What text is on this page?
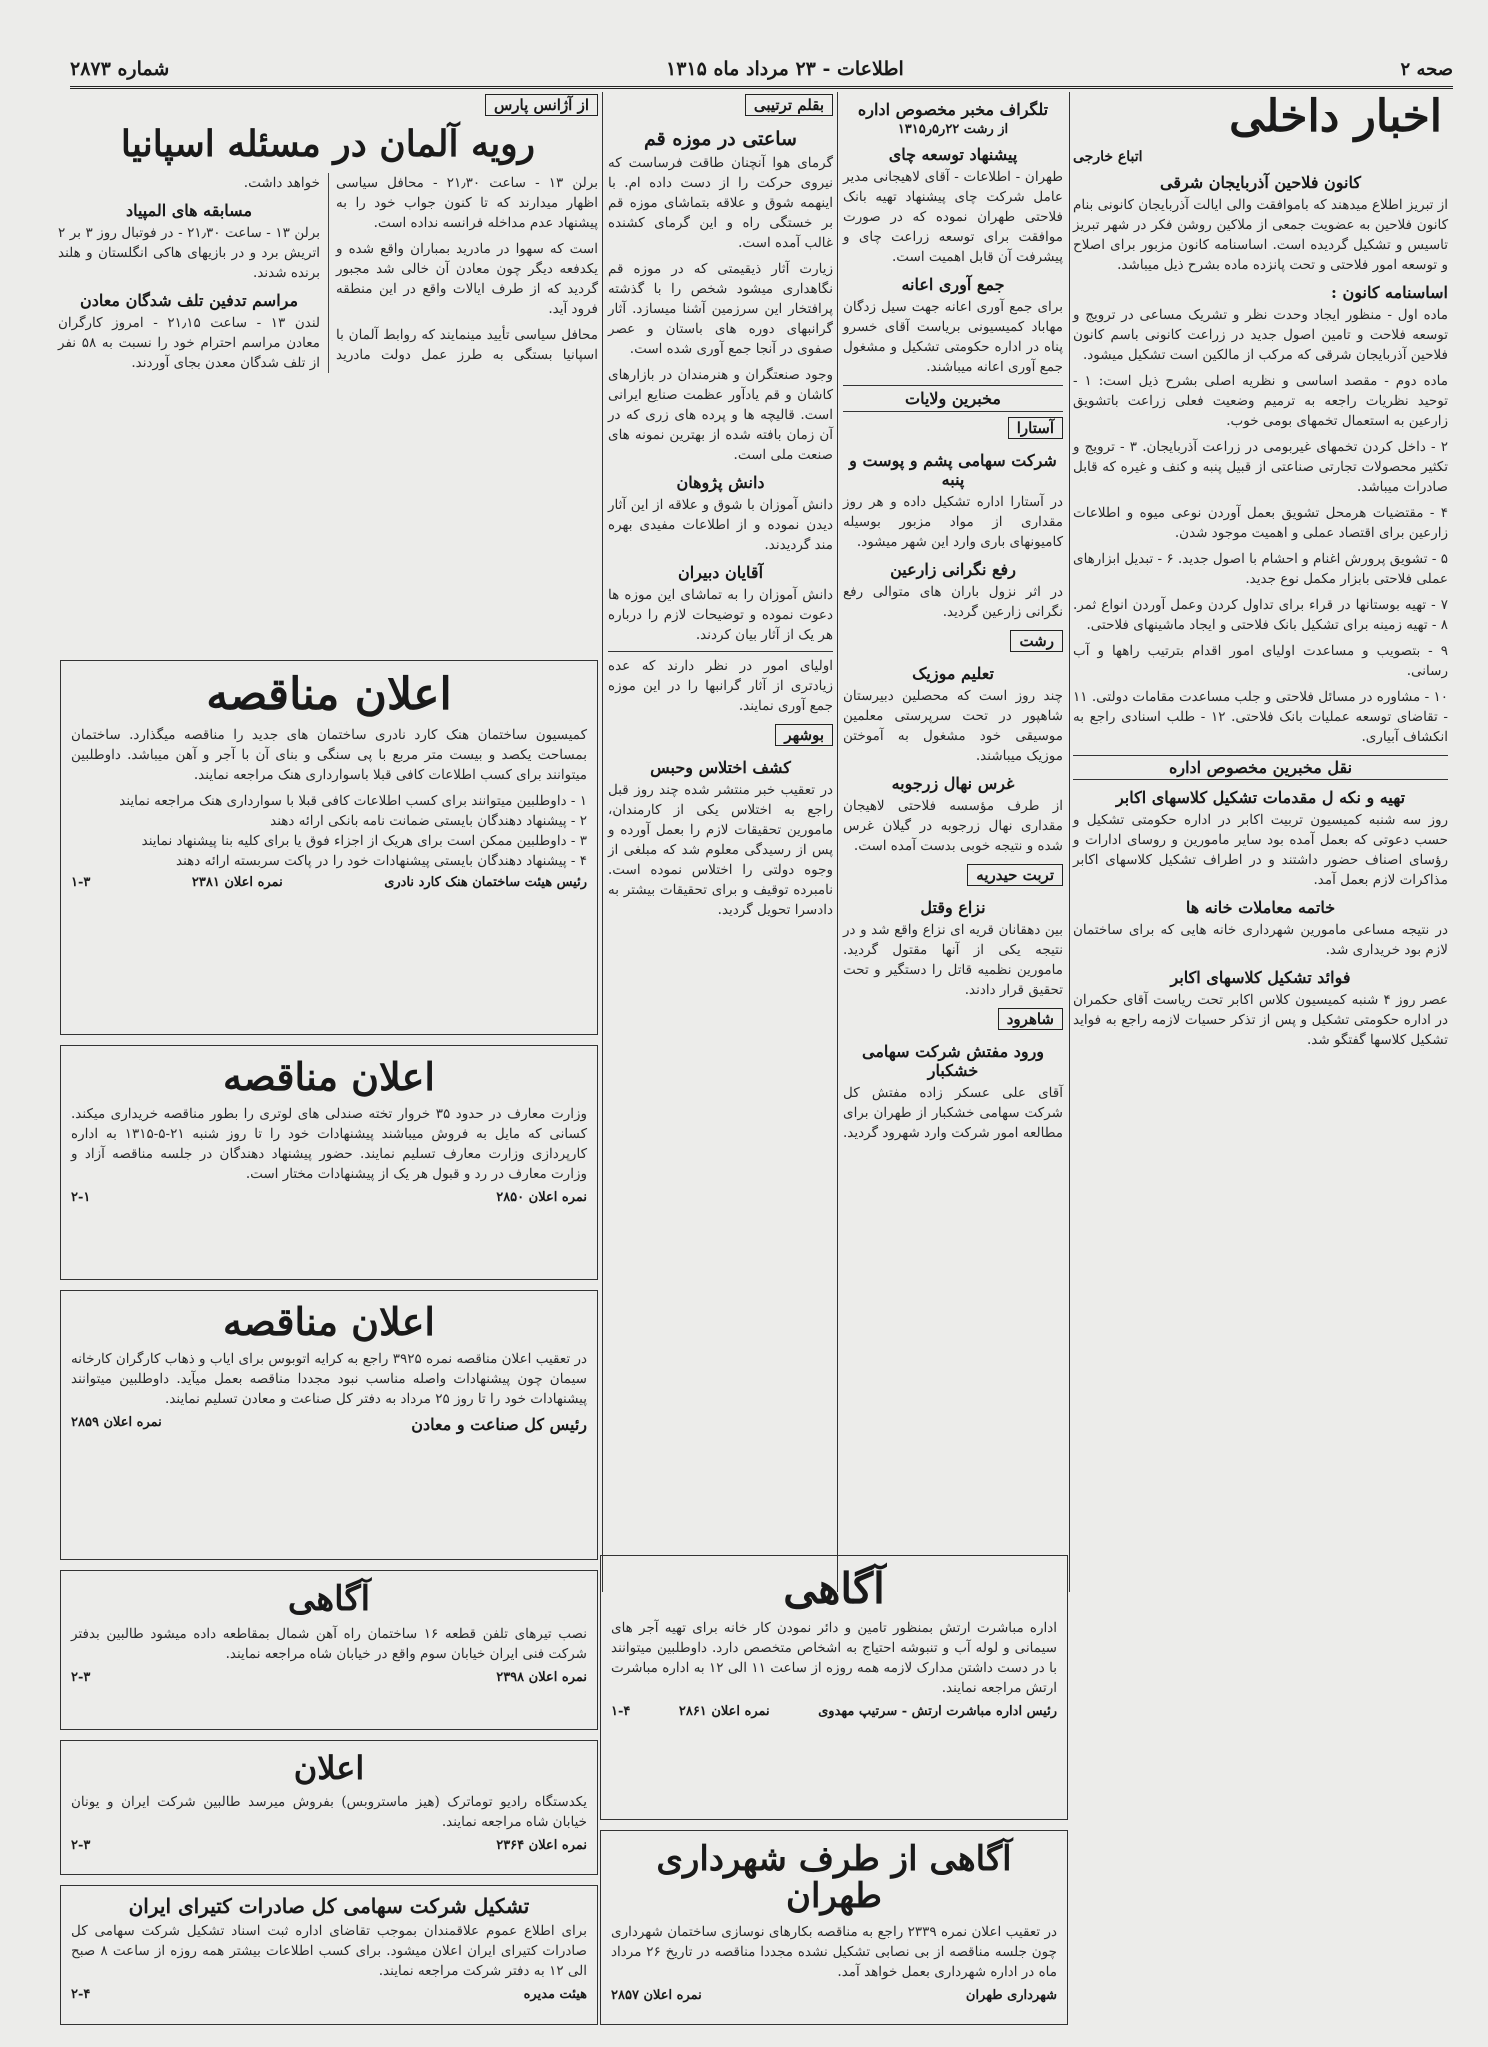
صحه ۲
اطلاعات - ۲۳ مرداد ماه ۱۳۱۵
شماره ۲۸۷۳
اخبار داخلی
اتباع خارجی
کانون فلاحین آذربایجان شرقی

از تبریز اطلاع میدهند که باموافقت والی ایالت آذربایجان کانونی بنام کانون فلاحین به عضویت جمعی از ملاکین روشن فکر در شهر تبریز تاسیس و تشکیل گردیده است. اساسنامه کانون مزبور برای اصلاح و توسعه امور فلاحتی و تحت پانزده ماده بشرح ذیل میباشد.

اساسنامه کانون :

ماده اول - منظور ایجاد وحدت نظر و تشریک مساعی در ترویج و توسعه فلاحت و تامین اصول جدید در زراعت کانونی باسم کانون فلاحین آذربایجان شرقی که مرکب از مالکین است تشکیل میشود.

ماده دوم - مقصد اساسی و نظریه اصلی بشرح ذیل است: ۱ - توحید نظریات راجعه به ترمیم وضعیت فعلی زراعت باتشویق زارعین به استعمال تخمهای بومی خوب.

۲ - داخل کردن تخمهای غیربومی در زراعت آذربایجان. ۳ - ترویج و تکثیر محصولات تجارتی صناعتی از قبیل پنبه و کنف و غیره که قابل صادرات میباشد.

۴ - مقتضیات هرمحل تشویق بعمل آوردن نوعی میوه و اطلاعات زارعین برای اقتصاد عملی و اهمیت موجود شدن.

۵ - تشویق پرورش اغنام و احشام با اصول جدید. ۶ - تبدیل ابزارهای عملی فلاحتی بابزار مکمل نوع جدید.

۷ - تهیه بوستانها در قراء برای تداول کردن وعمل آوردن انواع ثمر. ۸ - تهیه زمینه برای تشکیل بانک فلاحتی و ایجاد ماشینهای فلاحتی.

۹ - بتصویب و مساعدت اولیای امور اقدام بترتیب راهها و آب رسانی.

۱۰ - مشاوره در مسائل فلاحتی و جلب مساعدت مقامات دولتی. ۱۱ - تقاضای توسعه عملیات بانک فلاحتی. ۱۲ - طلب اسنادی راجع به انکشاف آبیاری.

نقل مخبرین مخصوص اداره
تهیه و نکه ل مقدمات تشکیل کلاسهای اکابر

روز سه شنبه کمیسیون تربیت اکابر در اداره حکومتی تشکیل و حسب دعوتی که بعمل آمده بود سایر مامورین و روسای ادارات و رؤسای اصناف حضور داشتند و در اطراف تشکیل کلاسهای اکابر مذاکرات لازم بعمل آمد.

خاتمه معاملات خانه ها

در نتیجه مساعی مامورین شهرداری خانه هایی که برای ساختمان لازم بود خریداری شد.

فوائد تشکیل کلاسهای اکابر

عصر روز ۴ شنبه کمیسیون کلاس اکابر تحت ریاست آقای حکمران در اداره حکومتی تشکیل و پس از تذکر حسیات لازمه راجع به فواید تشکیل کلاسها گفتگو شد.

تلگراف مخبر مخصوص اداره
از رشت ۲۲ر۵ر۱۳۱۵
پیشنهاد توسعه چای

طهران - اطلاعات - آقای لاهیجانی مدیر عامل شرکت چای پیشنهاد تهیه بانک فلاحتی طهران نموده که در صورت موافقت برای توسعه زراعت چای و پیشرفت آن قابل اهمیت است.

جمع آوری اعانه

برای جمع آوری اعانه جهت سیل زدگان مهاباد کمیسیونی بریاست آقای خسرو پناه در اداره حکومتی تشکیل و مشغول جمع آوری اعانه میباشند.

مخبرین ولایات
آستارا
شرکت سهامی پشم و پوست و پنبه

در آستارا اداره تشکیل داده و هر روز مقداری از مواد مزبور بوسیله کامیونهای باری وارد این شهر میشود.

رفع نگرانی زارعین

در اثر نزول باران های متوالی رفع نگرانی زارعین گردید.

رشت
تعلیم موزیک

چند روز است که محصلین دبیرستان شاهپور در تحت سرپرستی معلمین موسیقی خود مشغول به آموختن موزیک میباشند.

غرس نهال زرجوبه

از طرف مؤسسه فلاحتی لاهیجان مقداری نهال زرجوبه در گیلان غرس شده و نتیجه خوبی بدست آمده است.

تربت حیدریه
نزاع وقتل

بین دهقانان قریه ای نزاع واقع شد و در نتیجه یکی از آنها مقتول گردید. مامورین نظمیه قاتل را دستگیر و تحت تحقیق قرار دادند.

شاهرود
ورود مفتش شرکت سهامی خشکبار

آقای علی عسکر زاده مفتش کل شرکت سهامی خشکبار از طهران برای مطالعه امور شرکت وارد شهرود گردید.

بقلم ترتیبی
ساعتی در موزه قم

گرمای هوا آنچنان طاقت فرساست که نیروی حرکت را از دست داده ام. با اینهمه شوق و علاقه بتماشای موزه قم بر خستگی راه و این گرمای کشنده غالب آمده است.

زیارت آثار ذیقیمتی که در موزه قم نگاهداری میشود شخص را با گذشته پرافتخار این سرزمین آشنا میسازد. آثار گرانبهای دوره های باستان و عصر صفوی در آنجا جمع آوری شده است.

وجود صنعتگران و هنرمندان در بازارهای کاشان و قم یادآور عظمت صنایع ایرانی است. قالیچه ها و پرده های زری که در آن زمان بافته شده از بهترین نمونه های صنعت ملی است.

دانش پژوهان

دانش آموزان با شوق و علاقه از این آثار دیدن نموده و از اطلاعات مفیدی بهره مند گردیدند.

آقایان دبیران

دانش آموزان را به تماشای این موزه ها دعوت نموده و توضیحات لازم را درباره هر یک از آثار بیان کردند.

اولیای امور در نظر دارند که عده زیادتری از آثار گرانبها را در این موزه جمع آوری نمایند.

بوشهر
کشف اختلاس وحبس

در تعقیب خبر منتشر شده چند روز قبل راجع به اختلاس یکی از کارمندان، مامورین تحقیقات لازم را بعمل آورده و پس از رسیدگی معلوم شد که مبلغی از وجوه دولتی را اختلاس نموده است. نامبرده توقیف و برای تحقیقات بیشتر به دادسرا تحویل گردید.

از آژانس پارس
رویه آلمان در مسئله اسپانیا

برلن ۱۳ - ساعت ۲۱٫۳۰ - محافل سیاسی اظهار میدارند که تا کنون جواب خود را به پیشنهاد عدم مداخله فرانسه نداده است.

است که سهوا در مادرید بمباران واقع شده و یکدفعه دیگر چون معادن آن خالی شد مجبور گردید که از طرف ایالات واقع در این منطقه فرود آید.

محافل سیاسی تأیید مینمایند که روابط آلمان با اسپانیا بستگی به طرز عمل دولت مادرید خواهد داشت.

مسابقه های المپیاد

برلن ۱۳ - ساعت ۲۱٫۳۰ - در فوتبال روز ۳ بر ۲ اتریش برد و در بازیهای هاکی انگلستان و هلند برنده شدند.

مراسم تدفین تلف شدگان معادن

لندن ۱۳ - ساعت ۲۱٫۱۵ - امروز کارگران معادن مراسم احترام خود را نسبت به ۵۸ نفر از تلف شدگان معدن بجای آوردند.

اعلان مناقصه

کمیسیون ساختمان هنک کارد نادری ساختمان های جدید را مناقصه میگذارد. ساختمان بمساحت یکصد و بیست متر مربع با پی سنگی و بنای آن با آجر و آهن میباشد. داوطلبین میتوانند برای کسب اطلاعات کافی قبلا باسوارداری هنک مراجعه نمایند.

۱ - داوطلبین میتوانند برای کسب اطلاعات کافی قبلا با سوارداری هنک مراجعه نمایند

۲ - پیشنهاد دهندگان بایستی ضمانت نامه بانکی ارائه دهند

۳ - داوطلبین ممکن است برای هریک از اجزاء فوق یا برای کلیه بنا پیشنهاد نمایند

۴ - پیشنهاد دهندگان بایستی پیشنهادات خود را در پاکت سربسته ارائه دهند

رئیس هیئت ساختمان هنک کارد نادری
نمره اعلان ۲۳۸۱
۱-۳
اعلان مناقصه

وزارت معارف در حدود ۳۵ خروار تخته صندلی های لوتری را بطور مناقصه خریداری میکند. کسانی که مایل به فروش میباشند پیشنهادات خود را تا روز شنبه ۲۱-۵-۱۳۱۵ به اداره کارپردازی وزارت معارف تسلیم نمایند. حضور پیشنهاد دهندگان در جلسه مناقصه آزاد و وزارت معارف در رد و قبول هر یک از پیشنهادات مختار است.

نمره اعلان ۲۸۵۰
۲-۱
اعلان مناقصه

در تعقیب اعلان مناقصه نمره ۳۹۲۵ راجع به کرایه اتوبوس برای ایاب و ذهاب کارگران کارخانه سیمان چون پیشنهادات واصله مناسب نبود مجددا مناقصه بعمل میآید. داوطلبین میتوانند پیشنهادات خود را تا روز ۲۵ مرداد به دفتر کل صناعت و معادن تسلیم نمایند.

رئیس کل صناعت و معادن
نمره اعلان ۲۸۵۹
آگاهی

نصب تیرهای تلفن قطعه ۱۶ ساختمان راه آهن شمال بمقاطعه داده میشود طالبین بدفتر شرکت فنی ایران خیابان سوم واقع در خیابان شاه مراجعه نمایند.

نمره اعلان ۲۳۹۸
۲-۳
اعلان

یکدستگاه رادیو توماترک (هیز ماستروبس) بفروش میرسد طالبین شرکت ایران و یونان خیابان شاه مراجعه نمایند.

نمره اعلان ۲۳۶۴
۲-۳
تشکیل شرکت سهامی کل صادرات کتیرای ایران

برای اطلاع عموم علاقمندان بموجب تقاضای اداره ثبت اسناد تشکیل شرکت سهامی کل صادرات کتیرای ایران اعلان میشود. برای کسب اطلاعات بیشتر همه روزه از ساعت ۸ صبح الی ۱۲ به دفتر شرکت مراجعه نمایند.

هیئت مدیره
۲-۴
آگاهی

اداره مباشرت ارتش بمنظور تامین و دائر نمودن کار خانه برای تهیه آجر های سیمانی و لوله آب و تنبوشه احتیاج به اشخاص متخصص دارد. داوطلبین میتوانند با در دست داشتن مدارک لازمه همه روزه از ساعت ۱۱ الی ۱۲ به اداره مباشرت ارتش مراجعه نمایند.

رئیس اداره مباشرت ارتش - سرتیپ مهدوی
نمره اعلان ۲۸۶۱
۱-۴
آگاهی از طرف شهرداری طهران

در تعقیب اعلان نمره ۲۳۳۹ راجع به مناقصه بکارهای نوسازی ساختمان شهرداری چون جلسه مناقصه از بی نصابی تشکیل نشده مجددا مناقصه در تاریخ ۲۶ مرداد ماه در اداره شهرداری بعمل خواهد آمد.

شهرداری طهران
نمره اعلان ۲۸۵۷
